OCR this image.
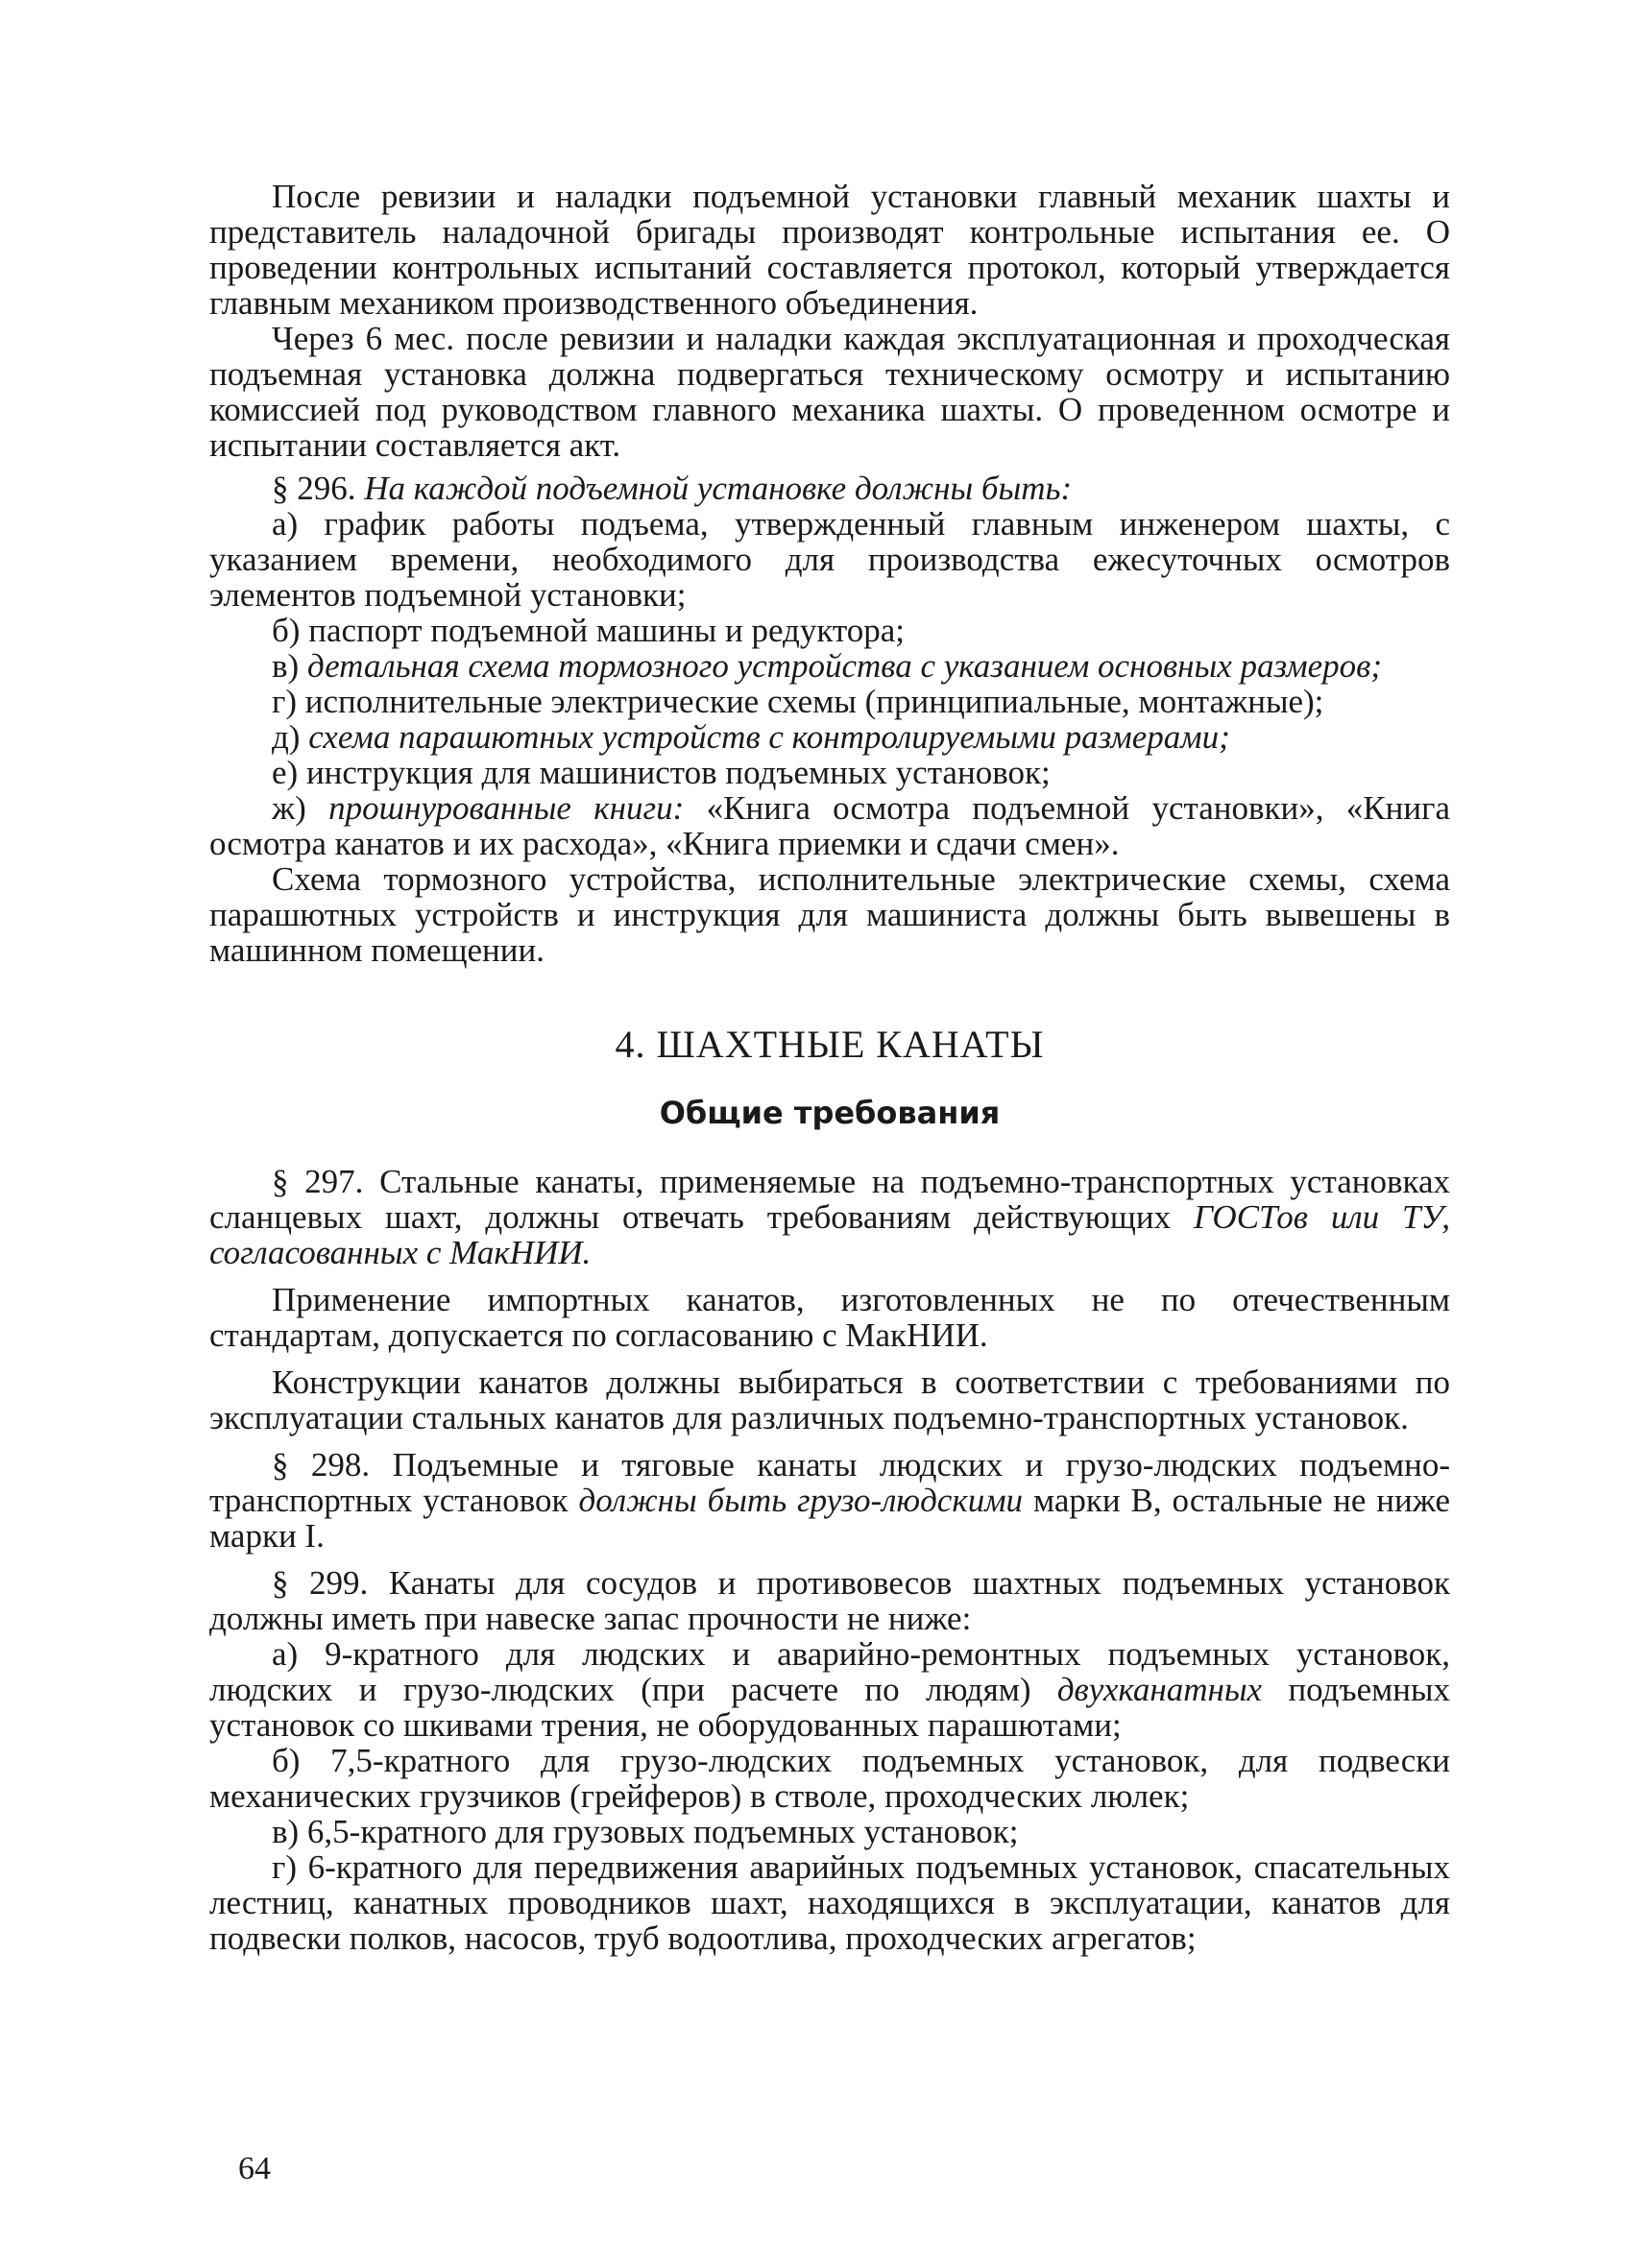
После ревизии и наладки подъемной установки главный механик шахты и представитель наладочной бригады производят контрольные испытания ее. О проведении контрольных испытаний составляется протокол, который утверждается главным механиком производственного объединения.

Через 6 мес. после ревизии и наладки каждая эксплуатационная и проходческая подъемная установка должна подвергаться техническому осмотру и испытанию комиссией под руководством главного механика шахты. О проведенном осмотре и испытании составляется акт.

§ 296. На каждой подъемной установке должны быть:

а) график работы подъема, утвержденный главным инженером шахты, с указанием времени, необходимого для производства ежесуточных осмотров элементов подъемной установки;

б) паспорт подъемной машины и редуктора;

в) детальная схема тормозного устройства с указанием основных размеров;

г) исполнительные электрические схемы (принципиальные, монтажные);

д) схема парашютных устройств с контролируемыми размерами;

е) инструкция для машинистов подъемных установок;

ж) прошнурованные книги: «Книга осмотра подъемной установки», «Книга осмотра канатов и их расхода», «Книга приемки и сдачи смен».

Схема тормозного устройства, исполнительные электрические схемы, схема парашютных устройств и инструкция для машиниста должны быть вывешены в машинном помещении.

4. ШАХТНЫЕ КАНАТЫ
Общие требования

§ 297. Стальные канаты, применяемые на подъемно-транспортных установках сланцевых шахт, должны отвечать требованиям действующих ГОСТов или ТУ, согласованных с МакНИИ.

Применение импортных канатов, изготовленных не по отечественным стандартам, допускается по согласованию с МакНИИ.

Конструкции канатов должны выбираться в соответствии с требованиями по эксплуатации стальных канатов для различных подъемно-транспортных установок.

§ 298. Подъемные и тяговые канаты людских и грузо-людских подъемно-транспортных установок должны быть грузо-людскими марки В, остальные не ниже марки I.

§ 299. Канаты для сосудов и противовесов шахтных подъемных установок должны иметь при навеске запас прочности не ниже:

а) 9-кратного для людских и аварийно-ремонтных подъемных установок, людских и грузо-людских (при расчете по людям) двухканатных подъемных установок со шкивами трения, не оборудованных парашютами;

б) 7,5-кратного для грузо-людских подъемных установок, для подвески механических грузчиков (грейферов) в стволе, проходческих люлек;

в) 6,5-кратного для грузовых подъемных установок;

г) 6-кратного для передвижения аварийных подъемных установок, спасательных лестниц, канатных проводников шахт, находящихся в эксплуатации, канатов для подвески полков, насосов, труб водоотлива, проходческих агрегатов;

64
